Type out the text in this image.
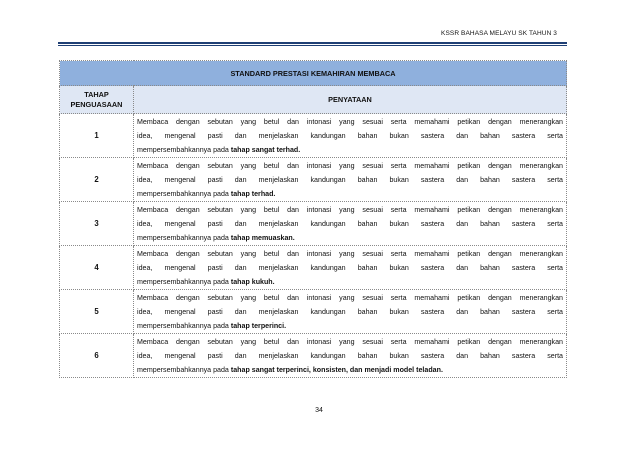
KSSR BAHASA MELAYU SK TAHUN 3
STANDARD PRESTASI KEMAHIRAN MEMBACA	
TAHAP PENGUASAAN	PENYATAAN
1	Membaca dengan sebutan yang betul dan intonasi yang sesuai serta memahami petikan dengan menerangkan
idea, mengenal pasti dan menjelaskan kandungan bahan bukan sastera dan bahan sastera serta
mempersembahkannya pada tahap sangat terhad.

2	Membaca dengan sebutan yang betul dan intonasi yang sesuai serta memahami petikan dengan menerangkan
idea, mengenal pasti dan menjelaskan kandungan bahan bukan sastera dan bahan sastera serta
mempersembahkannya pada tahap terhad.

3	Membaca dengan sebutan yang betul dan intonasi yang sesuai serta memahami petikan dengan menerangkan
idea, mengenal pasti dan menjelaskan kandungan bahan bukan sastera dan bahan sastera serta
mempersembahkannya pada tahap memuaskan.

4	Membaca dengan sebutan yang betul dan intonasi yang sesuai serta memahami petikan dengan menerangkan
idea, mengenal pasti dan menjelaskan kandungan bahan bukan sastera dan bahan sastera serta
mempersembahkannya pada tahap kukuh.

5	Membaca dengan sebutan yang betul dan intonasi yang sesuai serta memahami petikan dengan menerangkan
idea, mengenal pasti dan menjelaskan kandungan bahan bukan sastera dan bahan sastera serta
mempersembahkannya pada tahap terperinci.

6	Membaca dengan sebutan yang betul dan intonasi yang sesuai serta memahami petikan dengan menerangkan
idea, mengenal pasti dan menjelaskan kandungan bahan bukan sastera dan bahan sastera serta
mempersembahkannya pada tahap sangat terperinci, konsisten, dan menjadi model teladan.
34
